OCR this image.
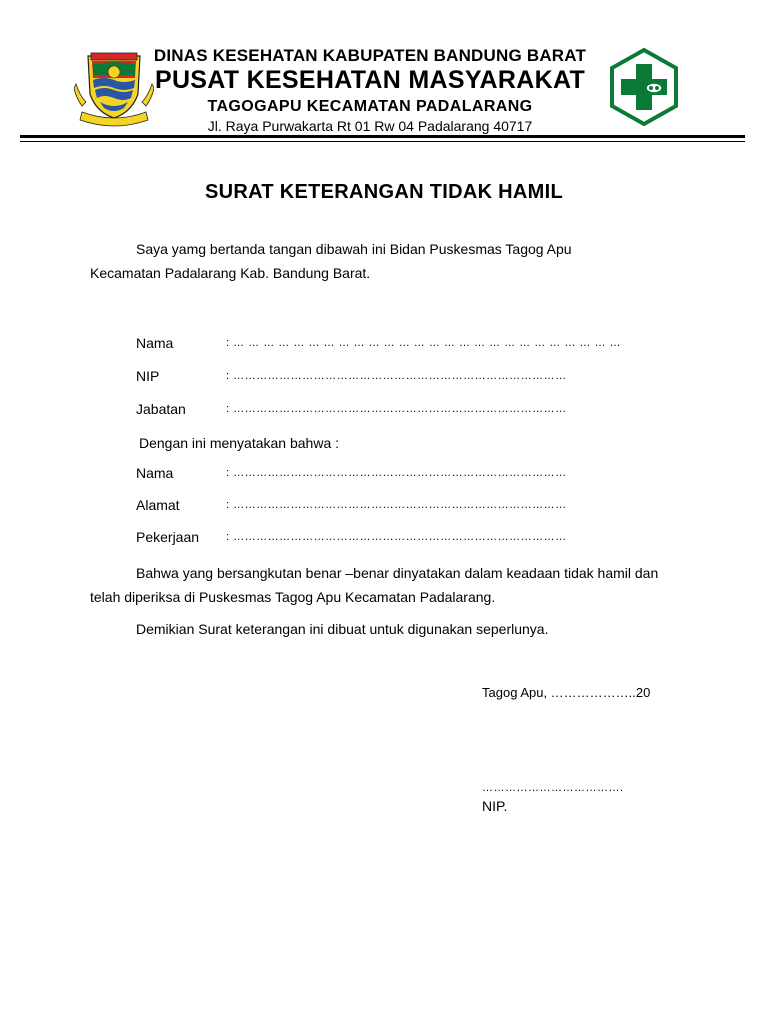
DINAS KESEHATAN KABUPATEN BANDUNG BARAT
PUSAT KESEHATAN MASYARAKAT
TAGOGAPU KECAMATAN PADALARANG
Jl. Raya Purwakarta Rt 01 Rw 04 Padalarang 40717
SURAT KETERANGAN TIDAK HAMIL
Saya yamg bertanda tangan dibawah ini Bidan Puskesmas Tagog Apu
Kecamatan Padalarang Kab. Bandung Barat.
Nama	: … … … … … … … … … … … … … … … … … … … … … … … … … …
NIP	: ……………………………………………………………………………
Jabatan	: ……………………………………………………………………………
Dengan ini menyatakan bahwa :
Nama	: ……………………………………………………………………………
Alamat	: ……………………………………………………………………………
Pekerjaan : ……………………………………………………………………………
Bahwa yang bersangkutan benar –benar dinyatakan dalam keadaan tidak hamil dan
telah diperiksa di Puskesmas Tagog Apu Kecamatan Padalarang.
Demikian Surat keterangan ini dibuat untuk digunakan seperlunya.
Tagog Apu, ………………..20
……………………………….
NIP.
